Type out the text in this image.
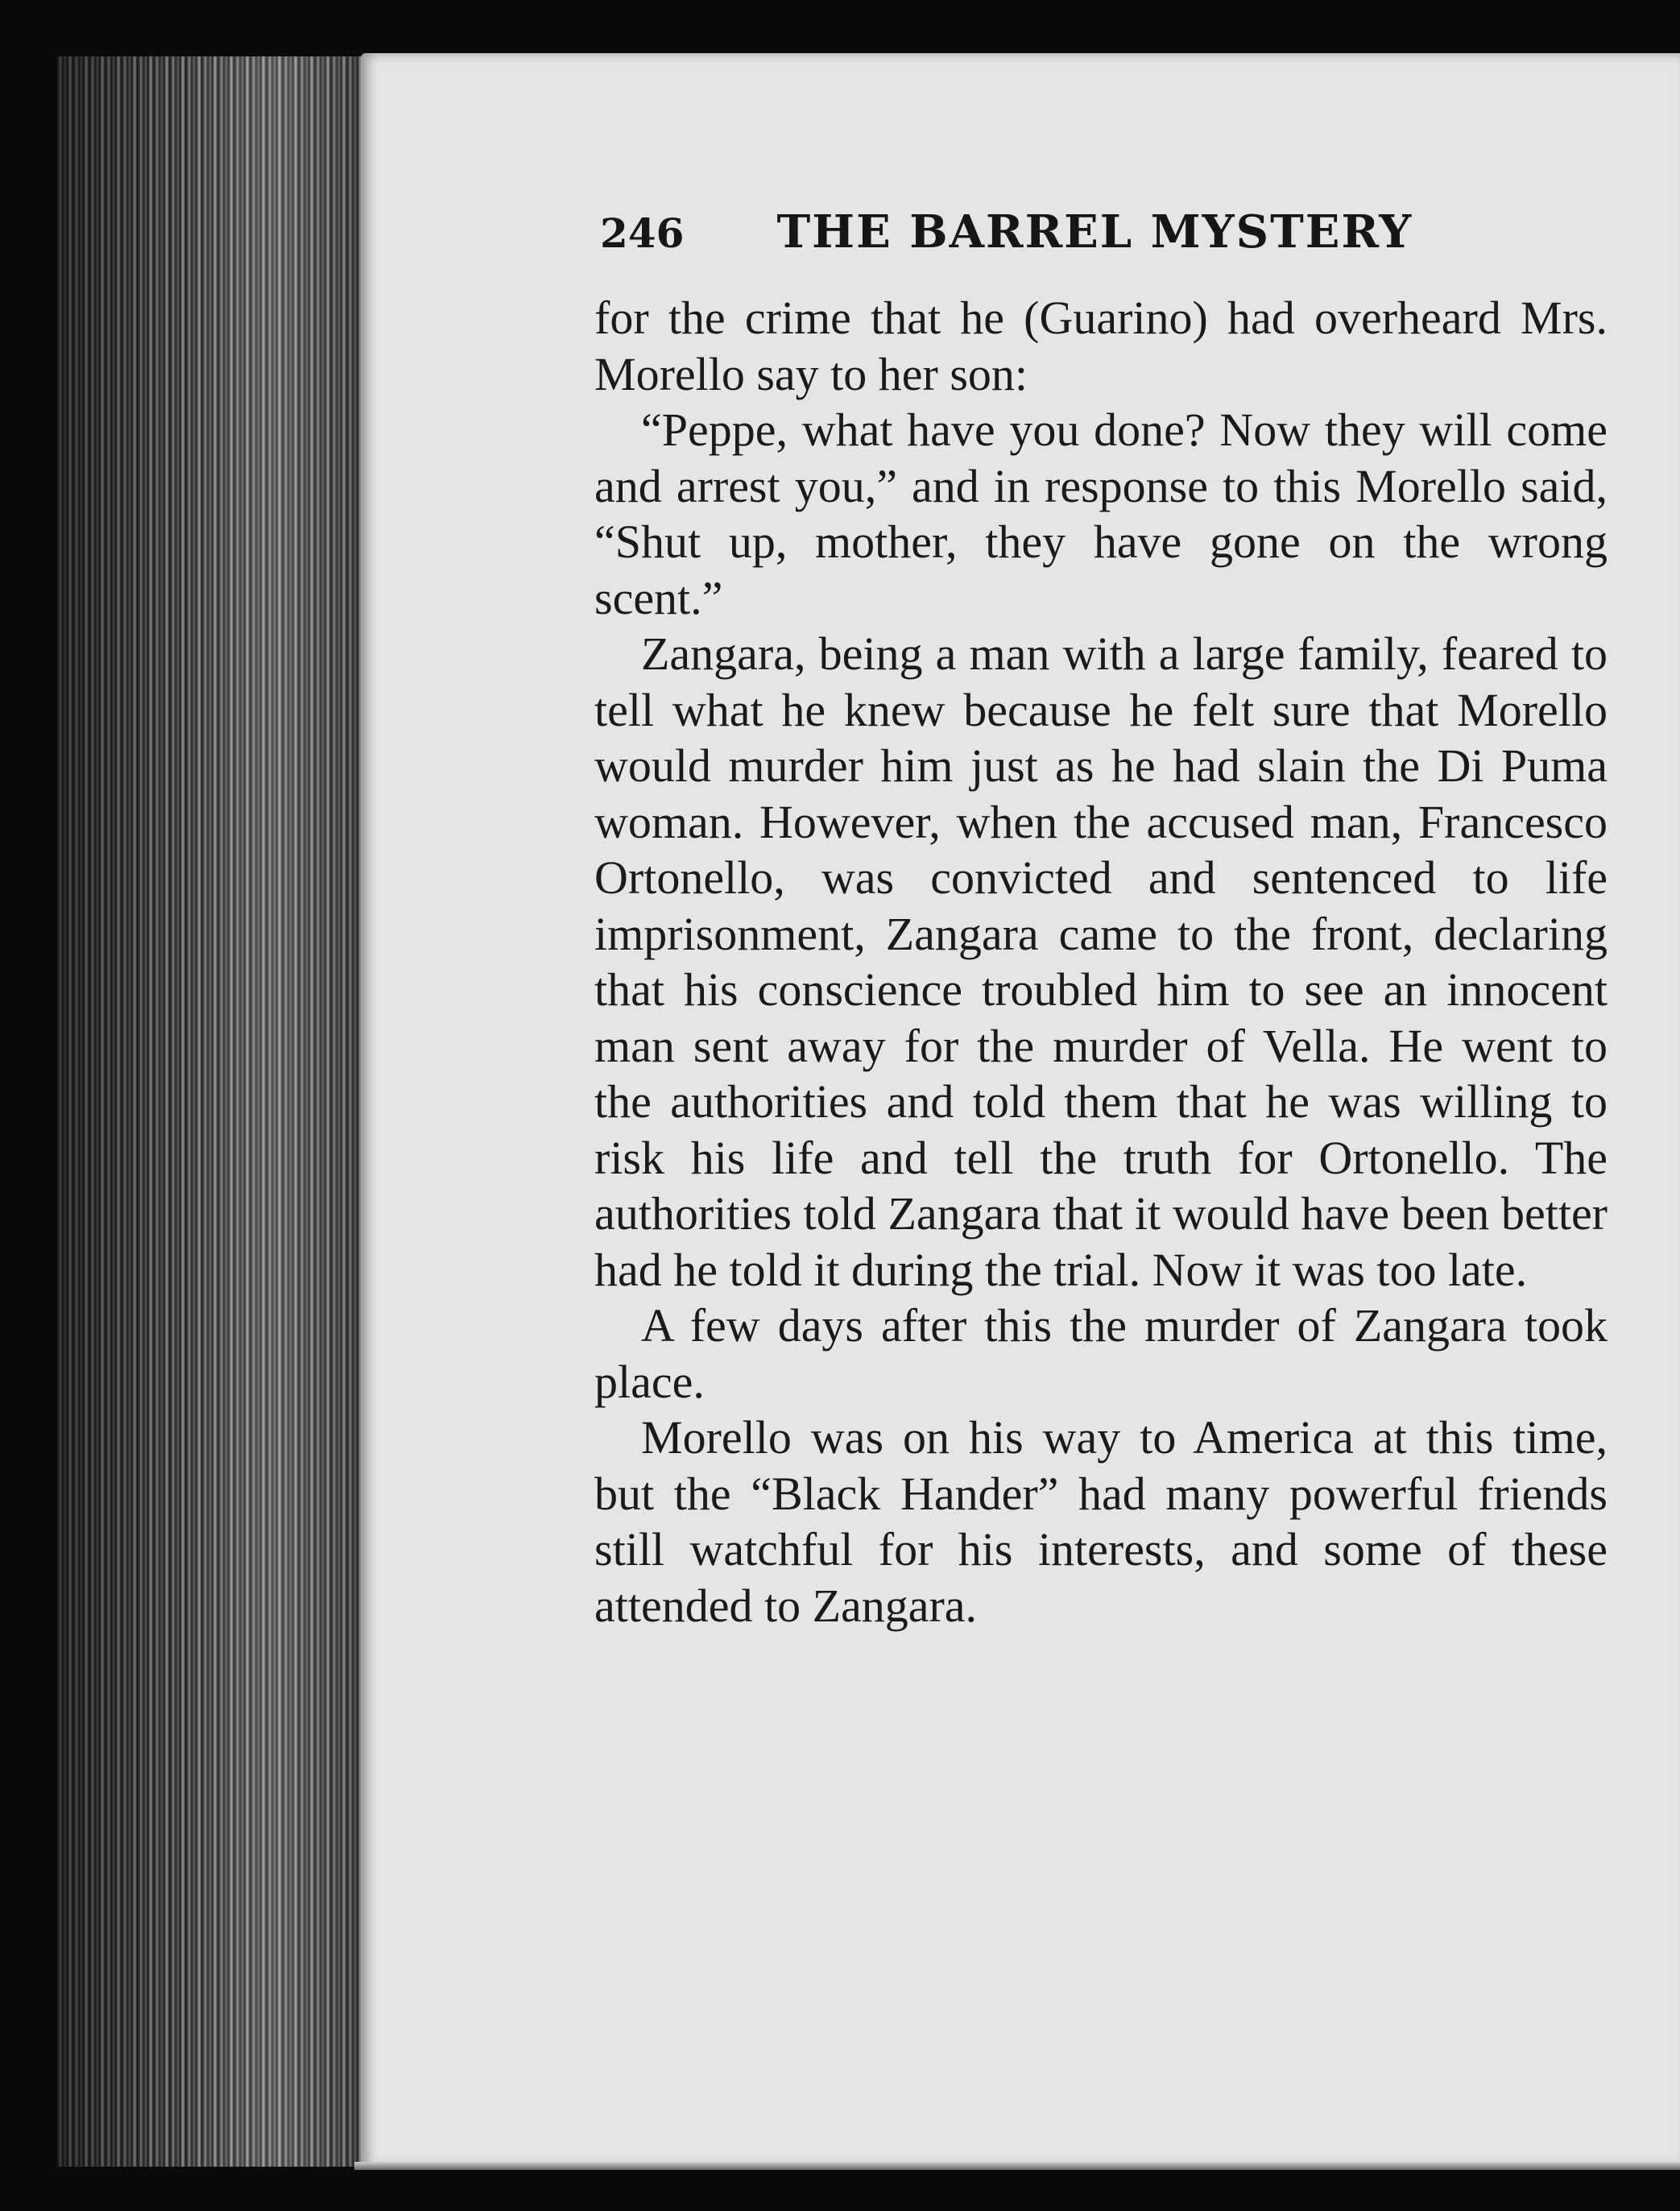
246 THE BARREL MYSTERY

for the crime that he (Guarino) had overheard Mrs. Morello say to her son:

“Peppe, what have you done? Now they will come and arrest you,” and in response to this Morello said, “Shut up, mother, they have gone on the wrong scent.”

Zangara, being a man with a large family, feared to tell what he knew because he felt sure that Morello would murder him just as he had slain the Di Puma woman. However, when the accused man, Francesco Ortonello, was convicted and sentenced to life imprisonment, Zangara came to the front, declaring that his conscience troubled him to see an innocent man sent away for the murder of Vella. He went to the authorities and told them that he was willing to risk his life and tell the truth for Ortonello. The authorities told Zangara that it would have been better had he told it during the trial. Now it was too late.

A few days after this the murder of Zangara took place.

Morello was on his way to America at this time, but the “Black Hander” had many powerful friends still watchful for his interests, and some of these attended to Zangara.
